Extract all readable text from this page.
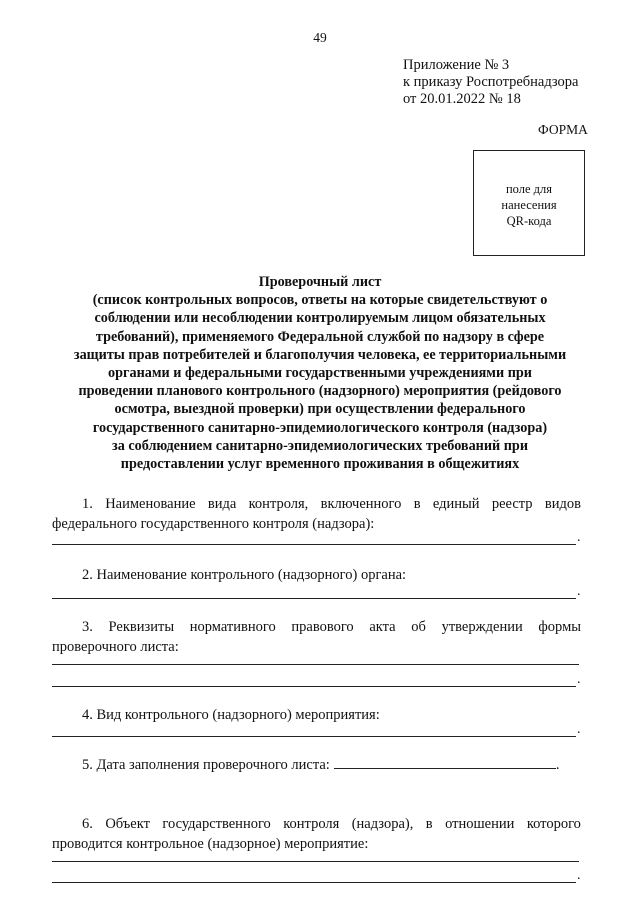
49
Приложение № 3
к приказу Роспотребнадзора
от 20.01.2022 № 18
ФОРМА
поле для
нанесения
QR-кода
Проверочный лист
(список контрольных вопросов, ответы на которые свидетельствуют о
соблюдении или несоблюдении контролируемым лицом обязательных
требований), применяемого Федеральной службой по надзору в сфере
защиты прав потребителей и благополучия человека, ее территориальными
органами и федеральными государственными учреждениями при
проведении планового контрольного (надзорного) мероприятия (рейдового
осмотра, выездной проверки) при осуществлении федерального
государственного санитарно-эпидемиологического контроля (надзора)
за соблюдением санитарно-эпидемиологических требований при
предоставлении услуг временного проживания в общежитиях
1. Наименование вида контроля, включенного в единый реестр видов
федерального государственного контроля (надзора):
.
2. Наименование контрольного (надзорного) органа:
.
3. Реквизиты нормативного правового акта об утверждении формы
проверочного листа:
.
4. Вид контрольного (надзорного) мероприятия:
.
5. Дата заполнения проверочного листа:	.
6. Объект государственного контроля (надзора), в отношении которого
проводится контрольное (надзорное) мероприятие:
.
